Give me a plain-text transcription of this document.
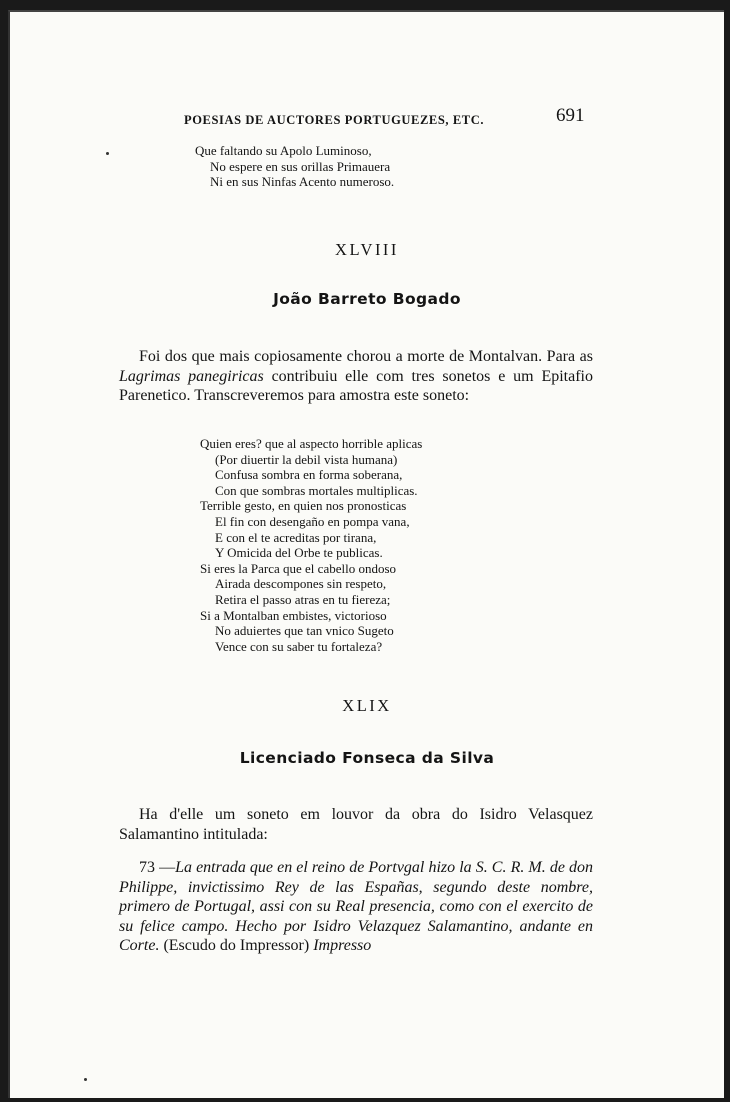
POESIAS DE AUCTORES PORTUGUEZES, ETC.	691
Que faltando su Apolo Luminoso,
No espere en sus orillas Primauera
Ni en sus Ninfas Acento numeroso.
XLVIII
João Barreto Bogado
Foi dos que mais copiosamente chorou a morte de Montalvan. Para as Lagrimas panegiricas contribuiu elle com tres sonetos e um Epitafio Parenetico. Transcreveremos para amostra este soneto:
Quien eres? que al aspecto horrible aplicas
(Por diuertir la debil vista humana)
Confusa sombra en forma soberana,
Con que sombras mortales multiplicas.
Terrible gesto, en quien nos pronosticas
El fin con desengaño en pompa vana,
E con el te acreditas por tirana,
Y Omicida del Orbe te publicas.
Si eres la Parca que el cabello ondoso
Airada descompones sin respeto,
Retira el passo atras en tu fiereza;
Si a Montalban embistes, victorioso
No aduiertes que tan vnico Sugeto
Vence con su saber tu fortaleza?
XLIX
Licenciado Fonseca da Silva
Ha d'elle um soneto em louvor da obra do Isidro Velasquez Salamantino intitulada:
73 —La entrada que en el reino de Portvgal hizo la S. C. R. M. de don Philippe, invictissimo Rey de las Españas, segundo deste nombre, primero de Portugal, assi con su Real presencia, como con el exercito de su felice campo. Hecho por Isidro Velazquez Salamantino, andante en Corte. (Escudo do Impressor) Impresso
